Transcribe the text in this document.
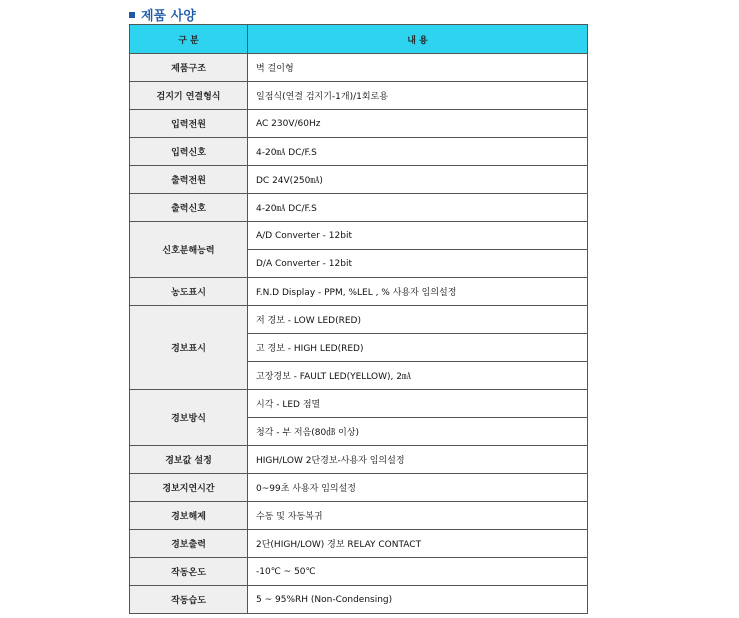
제품 사양
구 분	내 용
제품구조	벽 걸이형
검지기 연결형식	일점식(연결 검지기-1개)/1회로용
입력전원	AC 230V/60Hz
입력신호	4-20㎃ DC/F.S
출력전원	DC 24V(250㎃)
출력신호	4-20㎃ DC/F.S
신호분해능력	A/D Converter - 12bit
	D/A Converter - 12bit
농도표시	F.N.D Display - PPM, %LEL , % 사용자 임의설정
경보표시	저 경보 - LOW LED(RED)
	고 경보 - HIGH LED(RED)
	고장경보 - FAULT LED(YELLOW), 2㎃
경보방식	시각 - LED 점멸
	청각 - 부 저음(80㏈ 이상)
경보값 설정	HIGH/LOW 2단경보-사용자 임의설정
경보지연시간	0~99초 사용자 임의설정
경보해제	수동 및 자동복귀
경보출력	2단(HIGH/LOW) 경보 RELAY CONTACT
작동온도	-10℃ ~ 50℃
작동습도	5 ~ 95%RH (Non-Condensing)
